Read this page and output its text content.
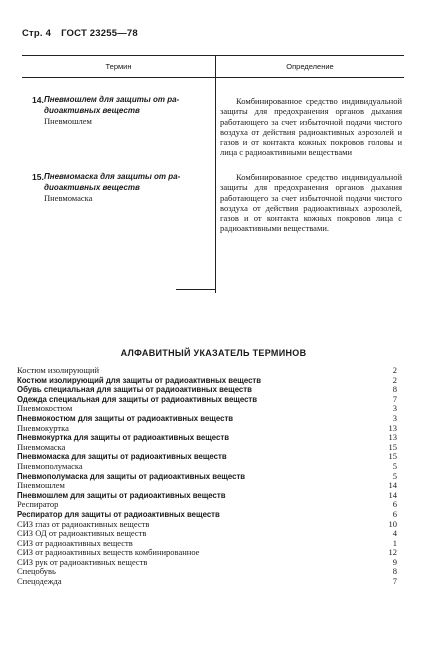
Стр. 4 ГОСТ 23255—78
Термин	Определение
14. Пневмошлем для защиты от ра-
диоактивных веществ
Пневмошлем
Комбинированное средство индивидуальной защиты для предохранения органов дыхания работающего за счет избыточной подачи чистого воздуха от действия радиоактивных аэрозолей и газов и от контакта кожных покровов головы и лица с радиоактивными веществами
15. Пневмомаска для защиты от ра-
диоактивных веществ
Пневмомаска
Комбинированное средство индивидуальной защиты для предохранения органов дыхания работающего за счет избыточной подачи чистого воздуха от действия радиоактивных аэрозолей, газов и от контакта кожных покровов лица с радиоактивными веществами.
АЛФАВИТНЫЙ УКАЗАТЕЛЬ ТЕРМИНОВ
Костюм изолирующий	2
Костюм изолирующий для защиты от радиоактивных веществ	2
Обувь специальная для защиты от радиоактивных веществ	8
Одежда специальная для защиты от радиоактивных веществ	7
Пневмокостюм	3
Пневмокостюм для защиты от радиоактивных веществ	3
Пневмокуртка	13
Пневмокуртка для защиты от радиоактивных веществ	13
Пневмомаска	15
Пневмомаска для защиты от радиоактивных веществ	15
Пневмополумаска	5
Пневмополумаска для защиты от радиоактивных веществ	5
Пневмошлем	14
Пневмошлем для защиты от радиоактивных веществ	14
Респиратор	6
Респиратор для защиты от радиоактивных веществ	6
СИЗ глаз от радиоактивных веществ	10
СИЗ ОД от радиоактивных веществ	4
СИЗ от радиоактивных веществ	1
СИЗ от радиоактивных веществ комбинированное	12
СИЗ рук от радиоактивных веществ	9
Спецобувь	8
Спецодежда	7
